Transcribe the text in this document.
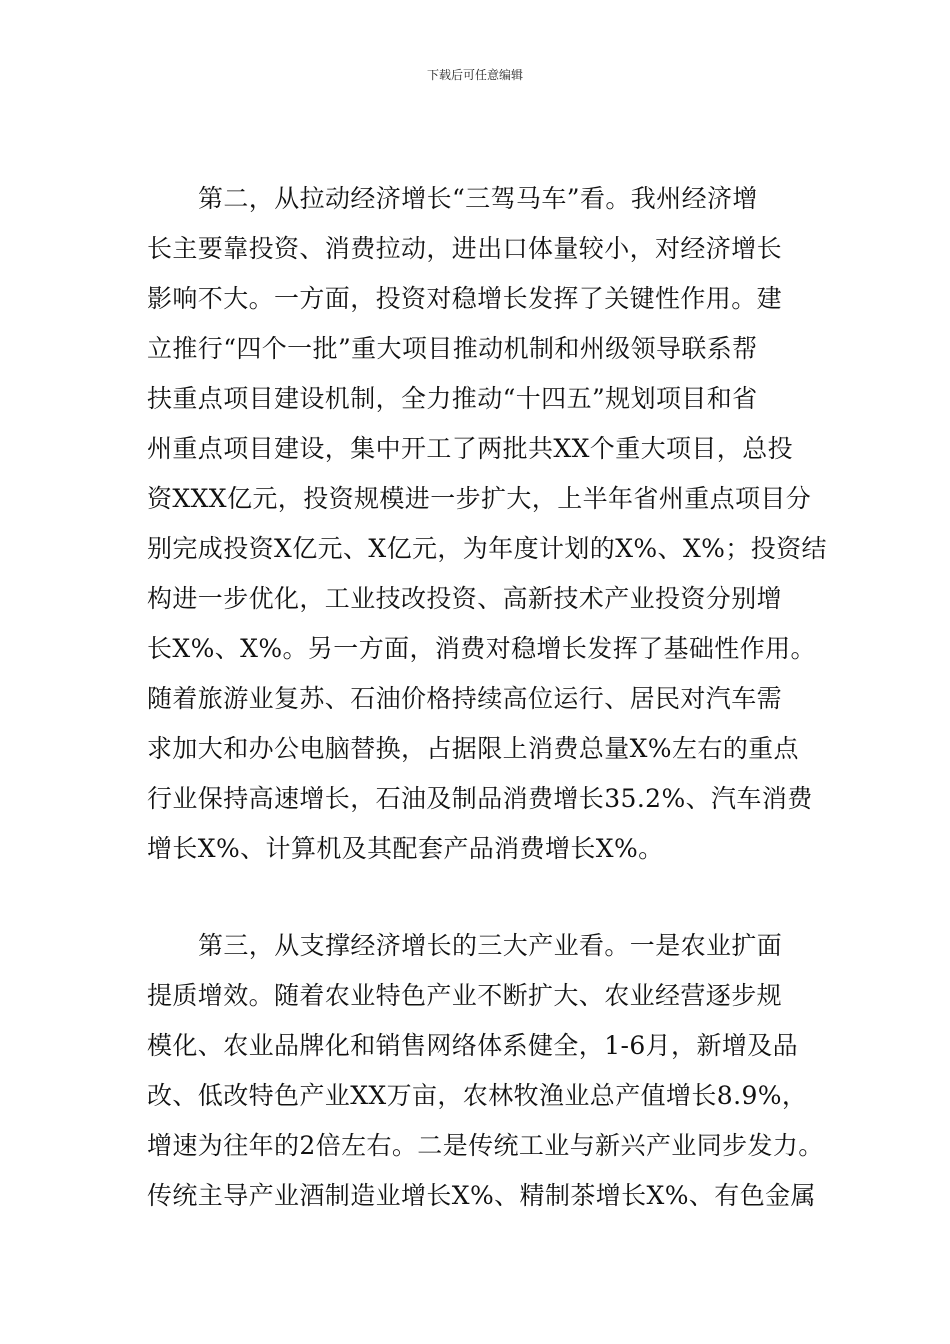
下载后可任意编辑
第二，从拉动经济增长“三驾马车”看。我州经济增
长主要靠投资、消费拉动，进出口体量较小，对经济增长
影响不大。一方面，投资对稳增长发挥了关键性作用。建
立推行“四个一批”重大项目推动机制和州级领导联系帮
扶重点项目建设机制，全力推动“十四五”规划项目和省
州重点项目建设，集中开工了两批共XX个重大项目，总投
资XXX亿元，投资规模进一步扩大，上半年省州重点项目分
别完成投资X亿元、X亿元，为年度计划的X%、X%；投资结
构进一步优化，工业技改投资、高新技术产业投资分别增
长X%、X%。另一方面，消费对稳增长发挥了基础性作用。
随着旅游业复苏、石油价格持续高位运行、居民对汽车需
求加大和办公电脑替换，占据限上消费总量X%左右的重点
行业保持高速增长，石油及制品消费增长35.2%、汽车消费
增长X%、计算机及其配套产品消费增长X%。
第三，从支撑经济增长的三大产业看。一是农业扩面
提质增效。随着农业特色产业不断扩大、农业经营逐步规
模化、农业品牌化和销售网络体系健全，1-6月，新增及品
改、低改特色产业XX万亩，农林牧渔业总产值增长8.9%，
增速为往年的2倍左右。二是传统工业与新兴产业同步发力。
传统主导产业酒制造业增长X%、精制茶增长X%、有色金属
